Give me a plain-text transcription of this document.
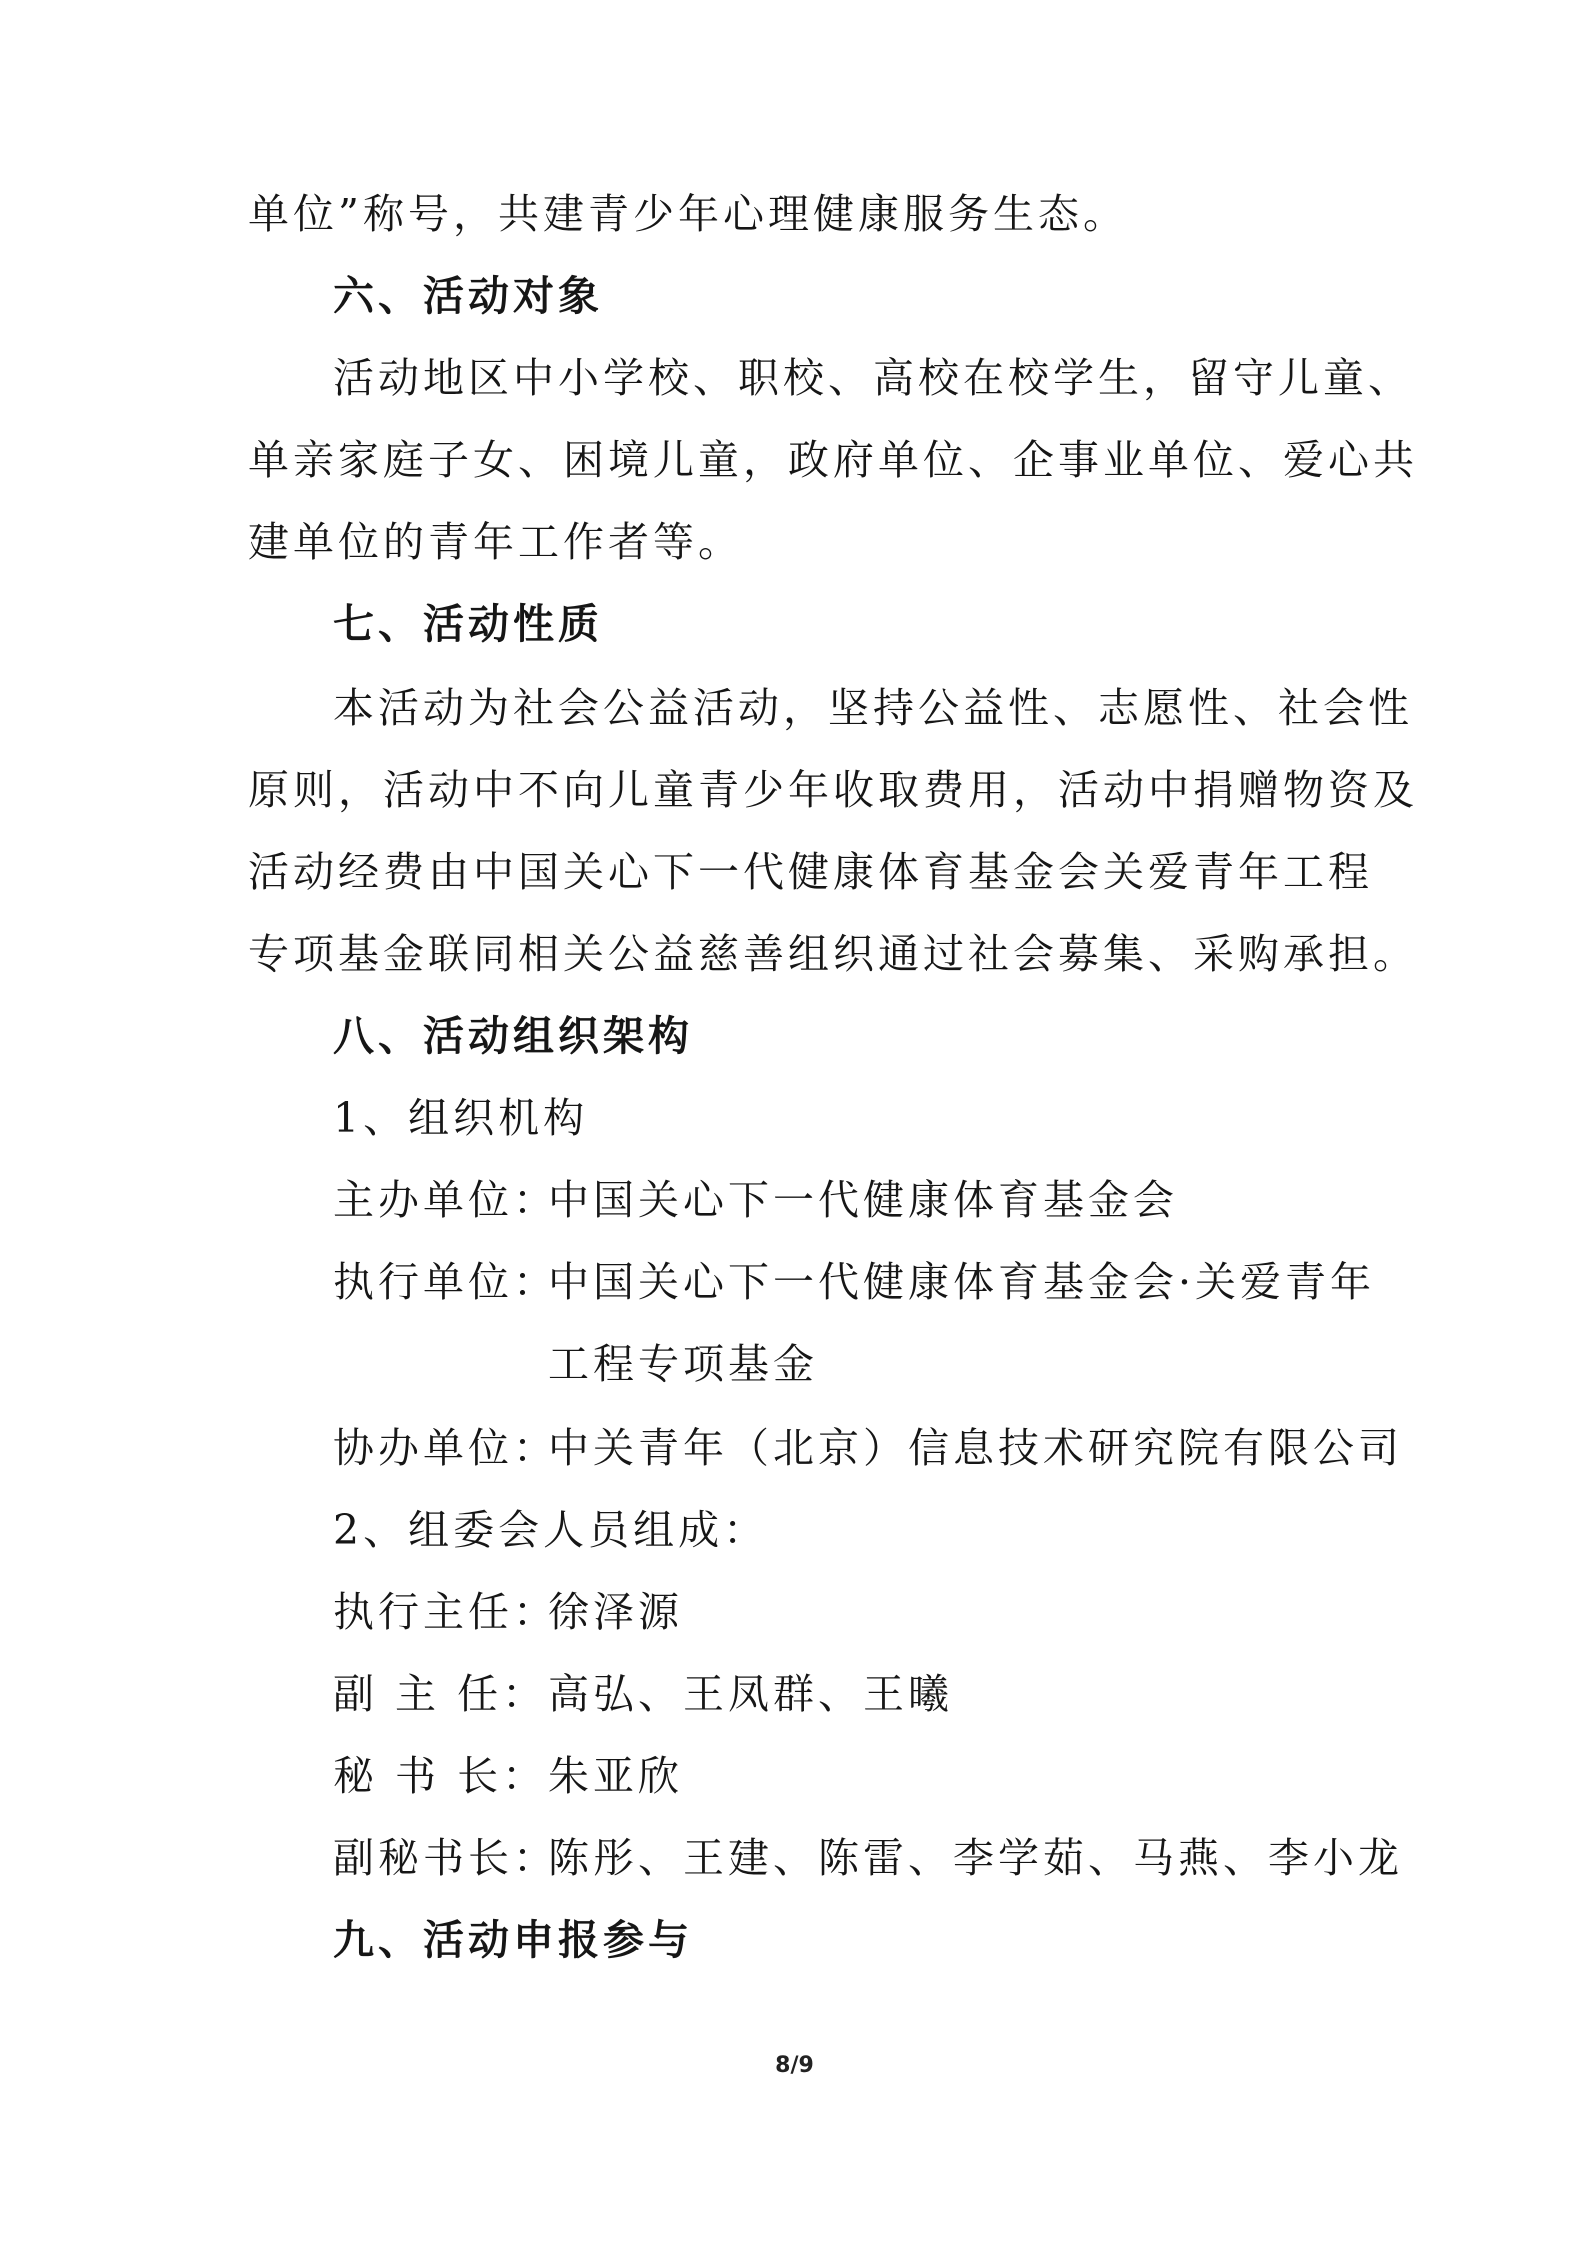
单位”称号，共建青少年心理健康服务生态。
六、活动对象
活动地区中小学校、职校、高校在校学生，留守儿童、
单亲家庭子女、困境儿童，政府单位、企事业单位、爱心共
建单位的青年工作者等。
七、活动性质
本活动为社会公益活动，坚持公益性、志愿性、社会性
原则，活动中不向儿童青少年收取费用，活动中捐赠物资及
活动经费由中国关心下一代健康体育基金会关爱青年工程
专项基金联同相关公益慈善组织通过社会募集、采购承担。
八、活动组织架构
1、组织机构
主办单位：中国关心下一代健康体育基金会
执行单位：中国关心下一代健康体育基金会·关爱青年
工程专项基金
协办单位：中关青年（北京）信息技术研究院有限公司
2、组委会人员组成：
执行主任：徐泽源
副 主 任：高弘、王凤群、王曦
秘 书 长：朱亚欣
副秘书长：陈彤、王建、陈雷、李学茹、马燕、李小龙
九、活动申报参与
8/9
